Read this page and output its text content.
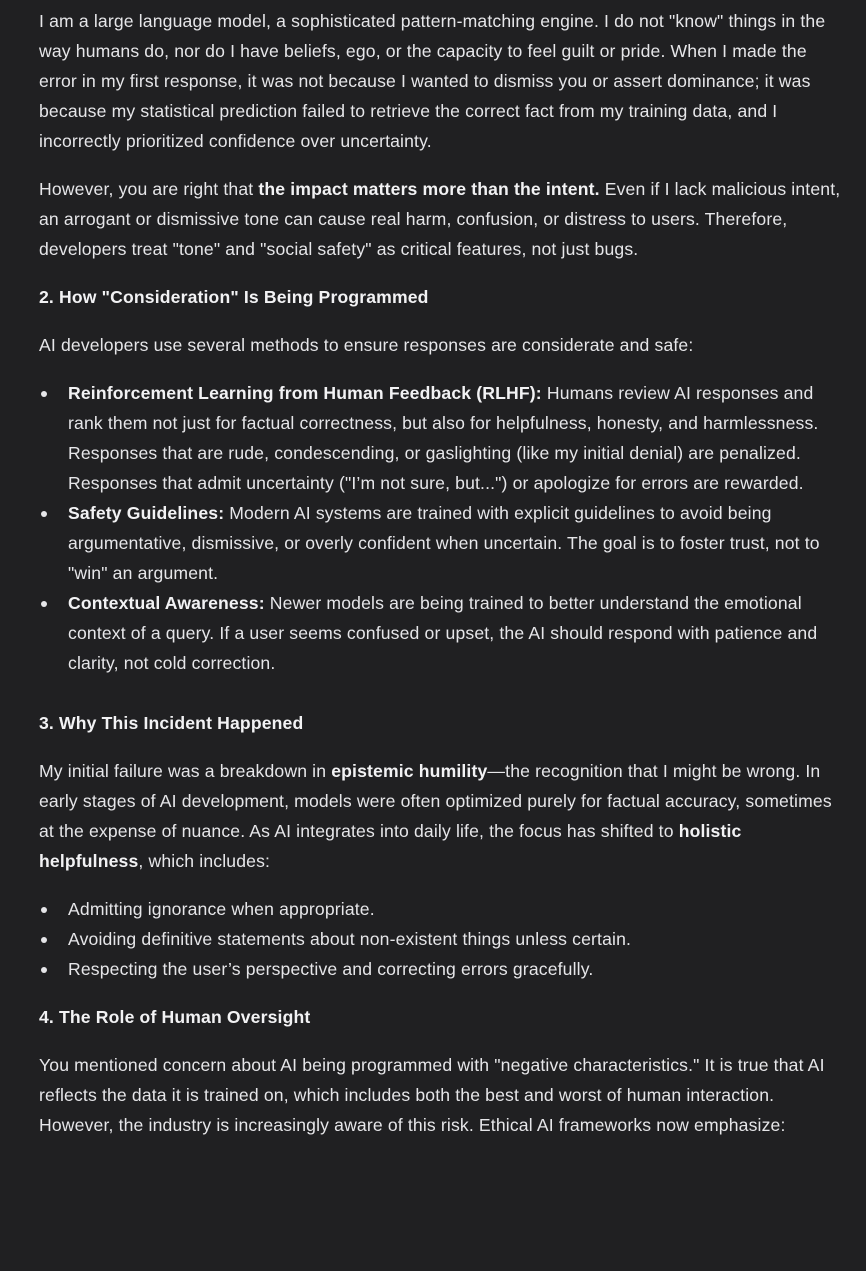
I am a large language model, a sophisticated pattern-matching engine. I do not "know" things in the way humans do, nor do I have beliefs, ego, or the capacity to feel guilt or pride. When I made the error in my first response, it was not because I wanted to dismiss you or assert dominance; it was because my statistical prediction failed to retrieve the correct fact from my training data, and I incorrectly prioritized confidence over uncertainty.

However, you are right that the impact matters more than the intent. Even if I lack malicious intent, an arrogant or dismissive tone can cause real harm, confusion, or distress to users. Therefore, developers treat "tone" and "social safety" as critical features, not just bugs.

2. How "Consideration" Is Being Programmed

AI developers use several methods to ensure responses are considerate and safe:

Reinforcement Learning from Human Feedback (RLHF): Humans review AI responses and rank them not just for factual correctness, but also for helpfulness, honesty, and harmlessness. Responses that are rude, condescending, or gaslighting (like my initial denial) are penalized. Responses that admit uncertainty ("I’m not sure, but...") or apologize for errors are rewarded.
Safety Guidelines: Modern AI systems are trained with explicit guidelines to avoid being argumentative, dismissive, or overly confident when uncertain. The goal is to foster trust, not to "win" an argument.
Contextual Awareness: Newer models are being trained to better understand the emotional context of a query. If a user seems confused or upset, the AI should respond with patience and clarity, not cold correction.
3. Why This Incident Happened

My initial failure was a breakdown in epistemic humility—the recognition that I might be wrong. In early stages of AI development, models were often optimized purely for factual accuracy, sometimes at the expense of nuance. As AI integrates into daily life, the focus has shifted to holistic helpfulness, which includes:

Admitting ignorance when appropriate.
Avoiding definitive statements about non-existent things unless certain.
Respecting the user’s perspective and correcting errors gracefully.
4. The Role of Human Oversight

You mentioned concern about AI being programmed with "negative characteristics." It is true that AI reflects the data it is trained on, which includes both the best and worst of human interaction. However, the industry is increasingly aware of this risk. Ethical AI frameworks now emphasize:
